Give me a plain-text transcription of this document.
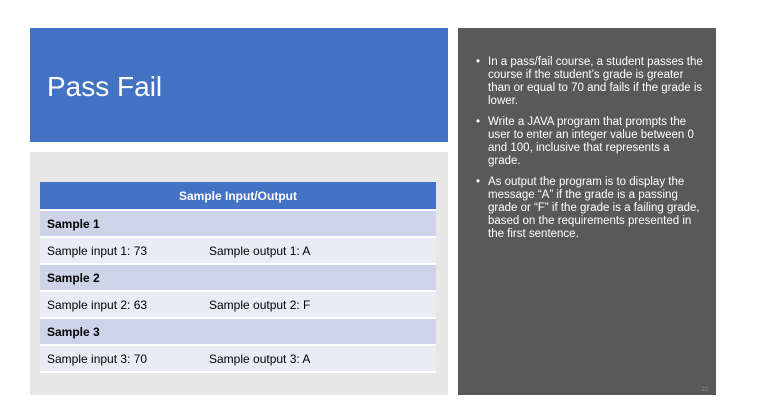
Pass Fail
Sample Input/Output
Sample 1
Sample input 1: 73	Sample output 1: A
Sample 2
Sample input 2: 63	Sample output 2: F
Sample 3
Sample input 3: 70	Sample output 3: A
• In a pass/fail course, a student passes the course if the student’s grade is greater than or equal to 70 and fails if the grade is lower.
• Write a JAVA program that prompts the user to enter an integer value between 0 and 100, inclusive that represents a grade.
• As output the program is to display the message “A” if the grade is a passing grade or “F” if the grade is a failing grade, based on the requirements presented in the first sentence.
22
